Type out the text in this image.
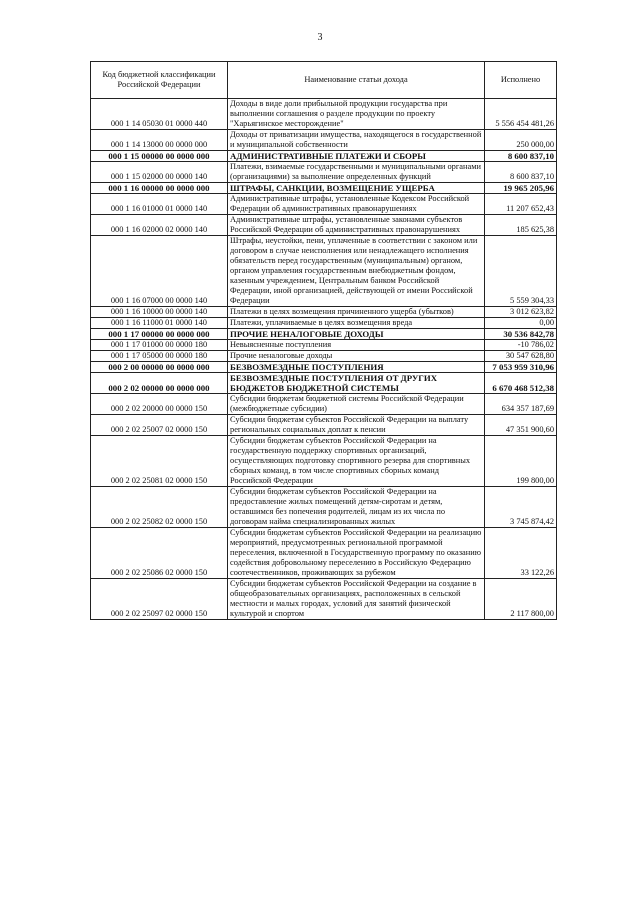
3
Код бюджетной классификации Российской Федерации	Наименование статьи дохода	Исполнено
000 1 14 05030 01 0000 440	Доходы в виде доли прибыльной продукции государства при выполнении соглашения о разделе продукции по проекту "Харьягинское месторождение"	5 556 454 481,26
000 1 14 13000 00 0000 000	Доходы от приватизации имущества, находящегося в государственной и муниципальной собственности	250 000,00
000 1 15 00000 00 0000 000	АДМИНИСТРАТИВНЫЕ ПЛАТЕЖИ И СБОРЫ	8 600 837,10
000 1 15 02000 00 0000 140	Платежи, взимаемые государственными и муниципальными органами (организациями) за выполнение определенных функций	8 600 837,10
000 1 16 00000 00 0000 000	ШТРАФЫ, САНКЦИИ, ВОЗМЕЩЕНИЕ УЩЕРБА	19 965 205,96
000 1 16 01000 01 0000 140	Административные штрафы, установленные Кодексом Российской Федерации об административных правонарушениях	11 207 652,43
000 1 16 02000 02 0000 140	Административные штрафы, установленные законами субъектов Российской Федерации об административных правонарушениях	185 625,38
000 1 16 07000 00 0000 140	Штрафы, неустойки, пени, уплаченные в соответствии с законом или договором в случае неисполнения или ненадлежащего исполнения обязательств перед государственным (муниципальным) органом, органом управления государственным внебюджетным фондом, казенным учреждением, Центральным банком Российской Федерации, иной организацией, действующей от имени Российской Федерации	5 559 304,33
000 1 16 10000 00 0000 140	Платежи в целях возмещения причиненного ущерба (убытков)	3 012 623,82
000 1 16 11000 01 0000 140	Платежи, уплачиваемые в целях возмещения вреда	0,00
000 1 17 00000 00 0000 000	ПРОЧИЕ НЕНАЛОГОВЫЕ ДОХОДЫ	30 536 842,78
000 1 17 01000 00 0000 180	Невыясненные поступления	-10 786,02
000 1 17 05000 00 0000 180	Прочие неналоговые доходы	30 547 628,80
000 2 00 00000 00 0000 000	БЕЗВОЗМЕЗДНЫЕ ПОСТУПЛЕНИЯ	7 053 959 310,96
000 2 02 00000 00 0000 000	БЕЗВОЗМЕЗДНЫЕ ПОСТУПЛЕНИЯ ОТ ДРУГИХ БЮДЖЕТОВ БЮДЖЕТНОЙ СИСТЕМЫ	6 670 468 512,38
000 2 02 20000 00 0000 150	Субсидии бюджетам бюджетной системы Российской Федерации (межбюджетные субсидии)	634 357 187,69
000 2 02 25007 02 0000 150	Субсидии бюджетам субъектов Российской Федерации на выплату региональных социальных доплат к пенсии	47 351 900,60
000 2 02 25081 02 0000 150	Субсидии бюджетам субъектов Российской Федерации на государственную поддержку спортивных организаций, осуществляющих подготовку спортивного резерва для спортивных сборных команд, в том числе спортивных сборных команд Российской Федерации	199 800,00
000 2 02 25082 02 0000 150	Субсидии бюджетам субъектов Российской Федерации на предоставление жилых помещений детям-сиротам и детям, оставшимся без попечения родителей, лицам из их числа по договорам найма специализированных жилых	3 745 874,42
000 2 02 25086 02 0000 150	Субсидии бюджетам субъектов Российской Федерации на реализацию мероприятий, предусмотренных региональной программой переселения, включенной в Государственную программу по оказанию содействия добровольному переселению в Российскую Федерацию соотечественников, проживающих за рубежом	33 122,26
000 2 02 25097 02 0000 150	Субсидии бюджетам субъектов Российской Федерации на создание в общеобразовательных организациях, расположенных в сельской местности и малых городах, условий для занятий физической культурой и спортом	2 117 800,00
